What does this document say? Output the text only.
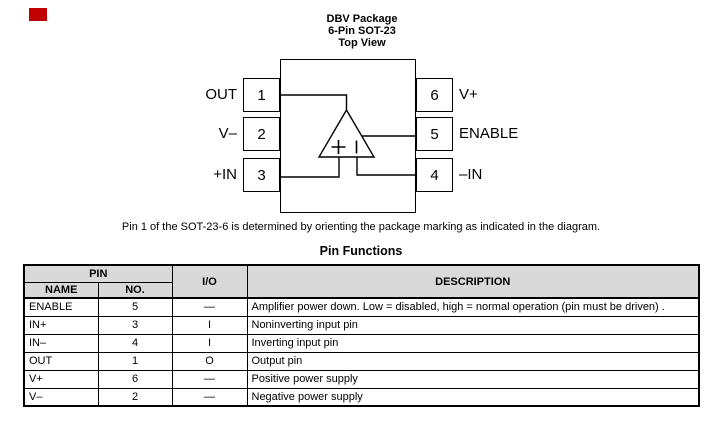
DBV Package
6-Pin SOT-23
Top View
1
2
3
6
5
4
OUT
V–
+IN
V+
ENABLE
–IN
Pin 1 of the SOT-23-6 is determined by orienting the package marking as indicated in the diagram.
Pin Functions
PIN		I/O	DESCRIPTION
NAME	NO.		
ENABLE	5	—	Amplifier power down. Low = disabled, high = normal operation (pin must be driven) .
IN+	3	I	Noninverting input pin
IN–	4	I	Inverting input pin
OUT	1	O	Output pin
V+	6	—	Positive power supply
V–	2	—	Negative power supply
